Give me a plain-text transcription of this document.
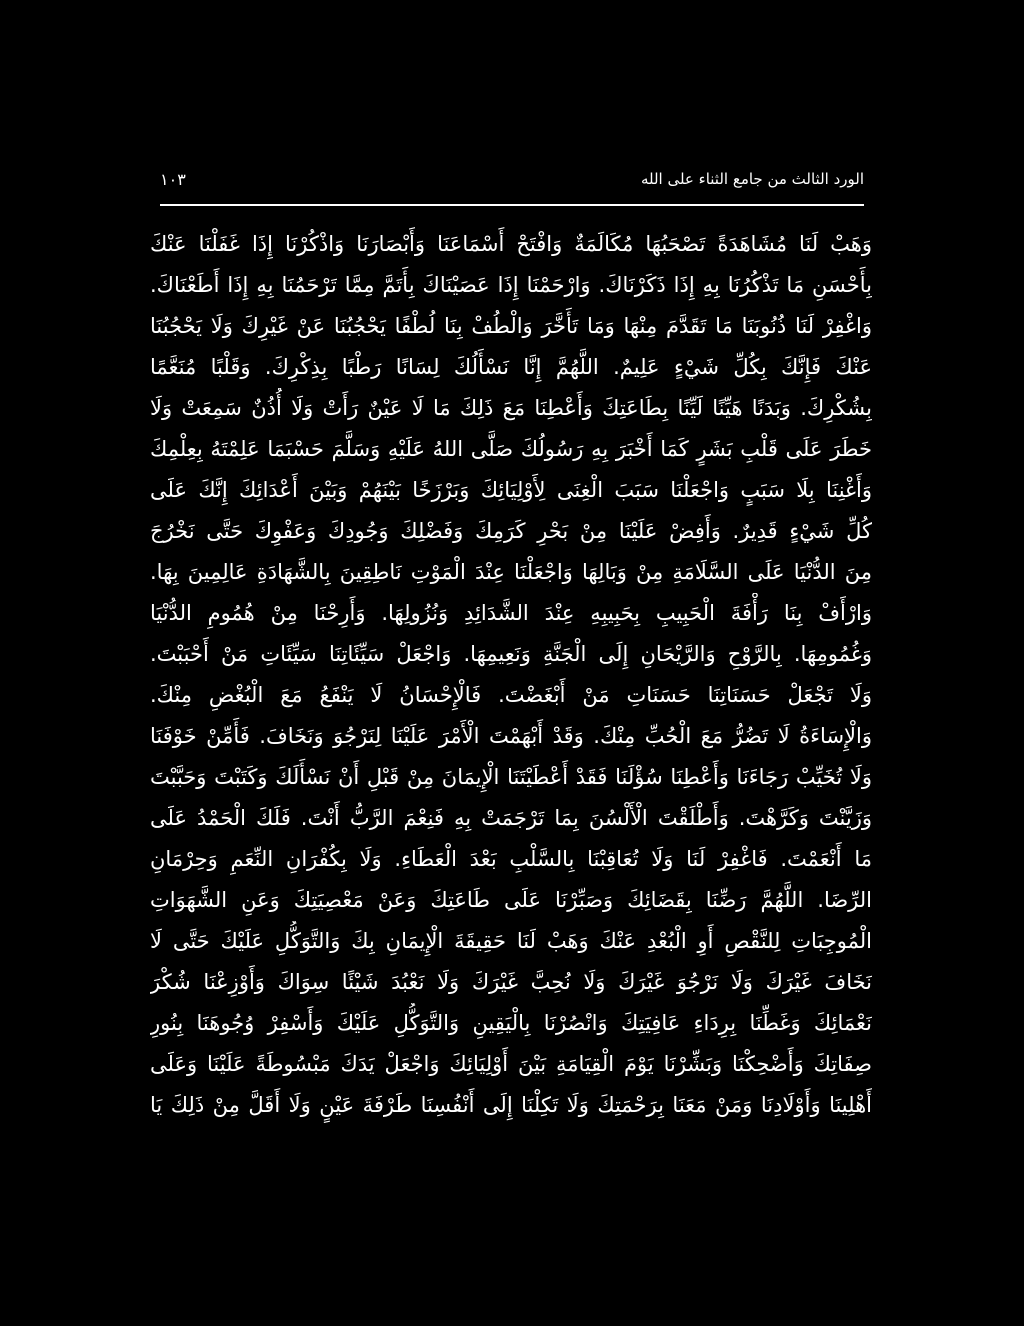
الورد الثالث من جامع الثناء على الله
١٠٣
وَهَبْ لَنَا مُشَاهَدَةً تَصْحَبُهَا مُكَالَمَةٌ وَافْتَحْ أَسْمَاعَنَا وَأَبْصَارَنَا وَاذْكُرْنَا إِذَا غَفَلْنَا عَنْكَ
بِأَحْسَنِ مَا تَذْكُرُنَا بِهِ إِذَا ذَكَرْنَاكَ. وَارْحَمْنَا إِذَا عَصَيْنَاكَ بِأَتَمَّ مِمَّا تَرْحَمُنَا بِهِ إِذَا أَطَعْنَاكَ.
وَاغْفِرْ لَنَا ذُنُوبَنَا مَا تَقَدَّمَ مِنْهَا وَمَا تَأَخَّرَ وَالْطُفْ بِنَا لُطْفًا يَحْجُبُنَا عَنْ غَيْرِكَ وَلَا يَحْجُبُنَا
عَنْكَ فَإِنَّكَ بِكُلِّ شَيْءٍ عَلِيمٌ. اللَّهُمَّ إِنَّا نَسْأَلُكَ لِسَانًا رَطْبًا بِذِكْرِكَ. وَقَلْبًا مُنَعَّمًا
بِشُكْرِكَ. وَبَدَنًا هَيِّنًا لَيِّنًا بِطَاعَتِكَ وَأَعْطِنَا مَعَ ذَلِكَ مَا لَا عَيْنٌ رَأَتْ وَلَا أُذُنٌ سَمِعَتْ وَلَا
خَطَرَ عَلَى قَلْبِ بَشَرٍ كَمَا أَخْبَرَ بِهِ رَسُولُكَ صَلَّى اللهُ عَلَيْهِ وَسَلَّمَ حَسْبَمَا عَلِمْتَهُ بِعِلْمِكَ
وَأَغْنِنَا بِلَا سَبَبٍ وَاجْعَلْنَا سَبَبَ الْغِنَى لِأَوْلِيَائِكَ وَبَرْزَخًا بَيْنَهُمْ وَبَيْنَ أَعْدَائِكَ إِنَّكَ عَلَى
كُلِّ شَيْءٍ قَدِيرٌ. وَأَفِضْ عَلَيْنَا مِنْ بَحْرِ كَرَمِكَ وَفَضْلِكَ وَجُودِكَ وَعَفْوِكَ حَتَّى نَخْرُجَ
مِنَ الدُّنْيَا عَلَى السَّلَامَةِ مِنْ وَبَالِهَا وَاجْعَلْنَا عِنْدَ الْمَوْتِ نَاطِقِينَ بِالشَّهَادَةِ عَالِمِينَ بِهَا.
وَارْأَفْ بِنَا رَأْفَةَ الْحَبِيبِ بِحَبِيبِهِ عِنْدَ الشَّدَائِدِ وَنُزُولِهَا. وَأَرِحْنَا مِنْ هُمُومِ الدُّنْيَا
وَغُمُومِهَا. بِالرَّوْحِ وَالرَّيْحَانِ إِلَى الْجَنَّةِ وَنَعِيمِهَا. وَاجْعَلْ سَيِّئَاتِنَا سَيِّئَاتِ مَنْ أَحْبَبْتَ.
وَلَا تَجْعَلْ حَسَنَاتِنَا حَسَنَاتِ مَنْ أَبْغَضْتَ. فَالْإِحْسَانُ لَا يَنْفَعُ مَعَ الْبُغْضِ مِنْكَ.
وَالْإِسَاءَةُ لَا تَضُرُّ مَعَ الْحُبِّ مِنْكَ. وَقَدْ أَبْهَمْتَ الْأَمْرَ عَلَيْنَا لِنَرْجُوَ وَنَخَافَ. فَأَمِّنْ خَوْفَنَا
وَلَا تُخَيِّبْ رَجَاءَنَا وَأَعْطِنَا سُؤْلَنَا فَقَدْ أَعْطَيْتَنَا الْإِيمَانَ مِنْ قَبْلِ أَنْ نَسْأَلَكَ وَكَتَبْتَ وَحَبَّبْتَ
وَزَيَّنْتَ وَكَرَّهْتَ. وَأَطْلَقْتَ الْأَلْسُنَ بِمَا تَرْجَمَتْ بِهِ فَنِعْمَ الرَّبُّ أَنْتَ. فَلَكَ الْحَمْدُ عَلَى
مَا أَنْعَمْتَ. فَاغْفِرْ لَنَا وَلَا تُعَاقِبْنَا بِالسَّلْبِ بَعْدَ الْعَطَاءِ. وَلَا بِكُفْرَانِ النِّعَمِ وَحِرْمَانِ
الرِّضَا. اللَّهُمَّ رَضِّنَا بِقَضَائِكَ وَصَبِّرْنَا عَلَى طَاعَتِكَ وَعَنْ مَعْصِيَتِكَ وَعَنِ الشَّهَوَاتِ
الْمُوجِبَاتِ لِلنَّقْصِ أَوِ الْبُعْدِ عَنْكَ وَهَبْ لَنَا حَقِيقَةَ الْإِيمَانِ بِكَ وَالتَّوَكُّلِ عَلَيْكَ حَتَّى لَا
نَخَافَ غَيْرَكَ وَلَا نَرْجُوَ غَيْرَكَ وَلَا نُحِبَّ غَيْرَكَ وَلَا نَعْبُدَ شَيْئًا سِوَاكَ وَأَوْزِعْنَا شُكْرَ
نَعْمَائِكَ وَغَطِّنَا بِرِدَاءِ عَافِيَتِكَ وَانْصُرْنَا بِالْيَقِينِ وَالتَّوَكُّلِ عَلَيْكَ وَأَسْفِرْ وُجُوهَنَا بِنُورِ
صِفَاتِكَ وَأَضْحِكْنَا وَبَشِّرْنَا يَوْمَ الْقِيَامَةِ بَيْنَ أَوْلِيَائِكَ وَاجْعَلْ يَدَكَ مَبْسُوطَةً عَلَيْنَا وَعَلَى
أَهْلِينَا وَأَوْلَادِنَا وَمَنْ مَعَنَا بِرَحْمَتِكَ وَلَا تَكِلْنَا إِلَى أَنْفُسِنَا طَرْفَةَ عَيْنٍ وَلَا أَقَلَّ مِنْ ذَلِكَ يَا
